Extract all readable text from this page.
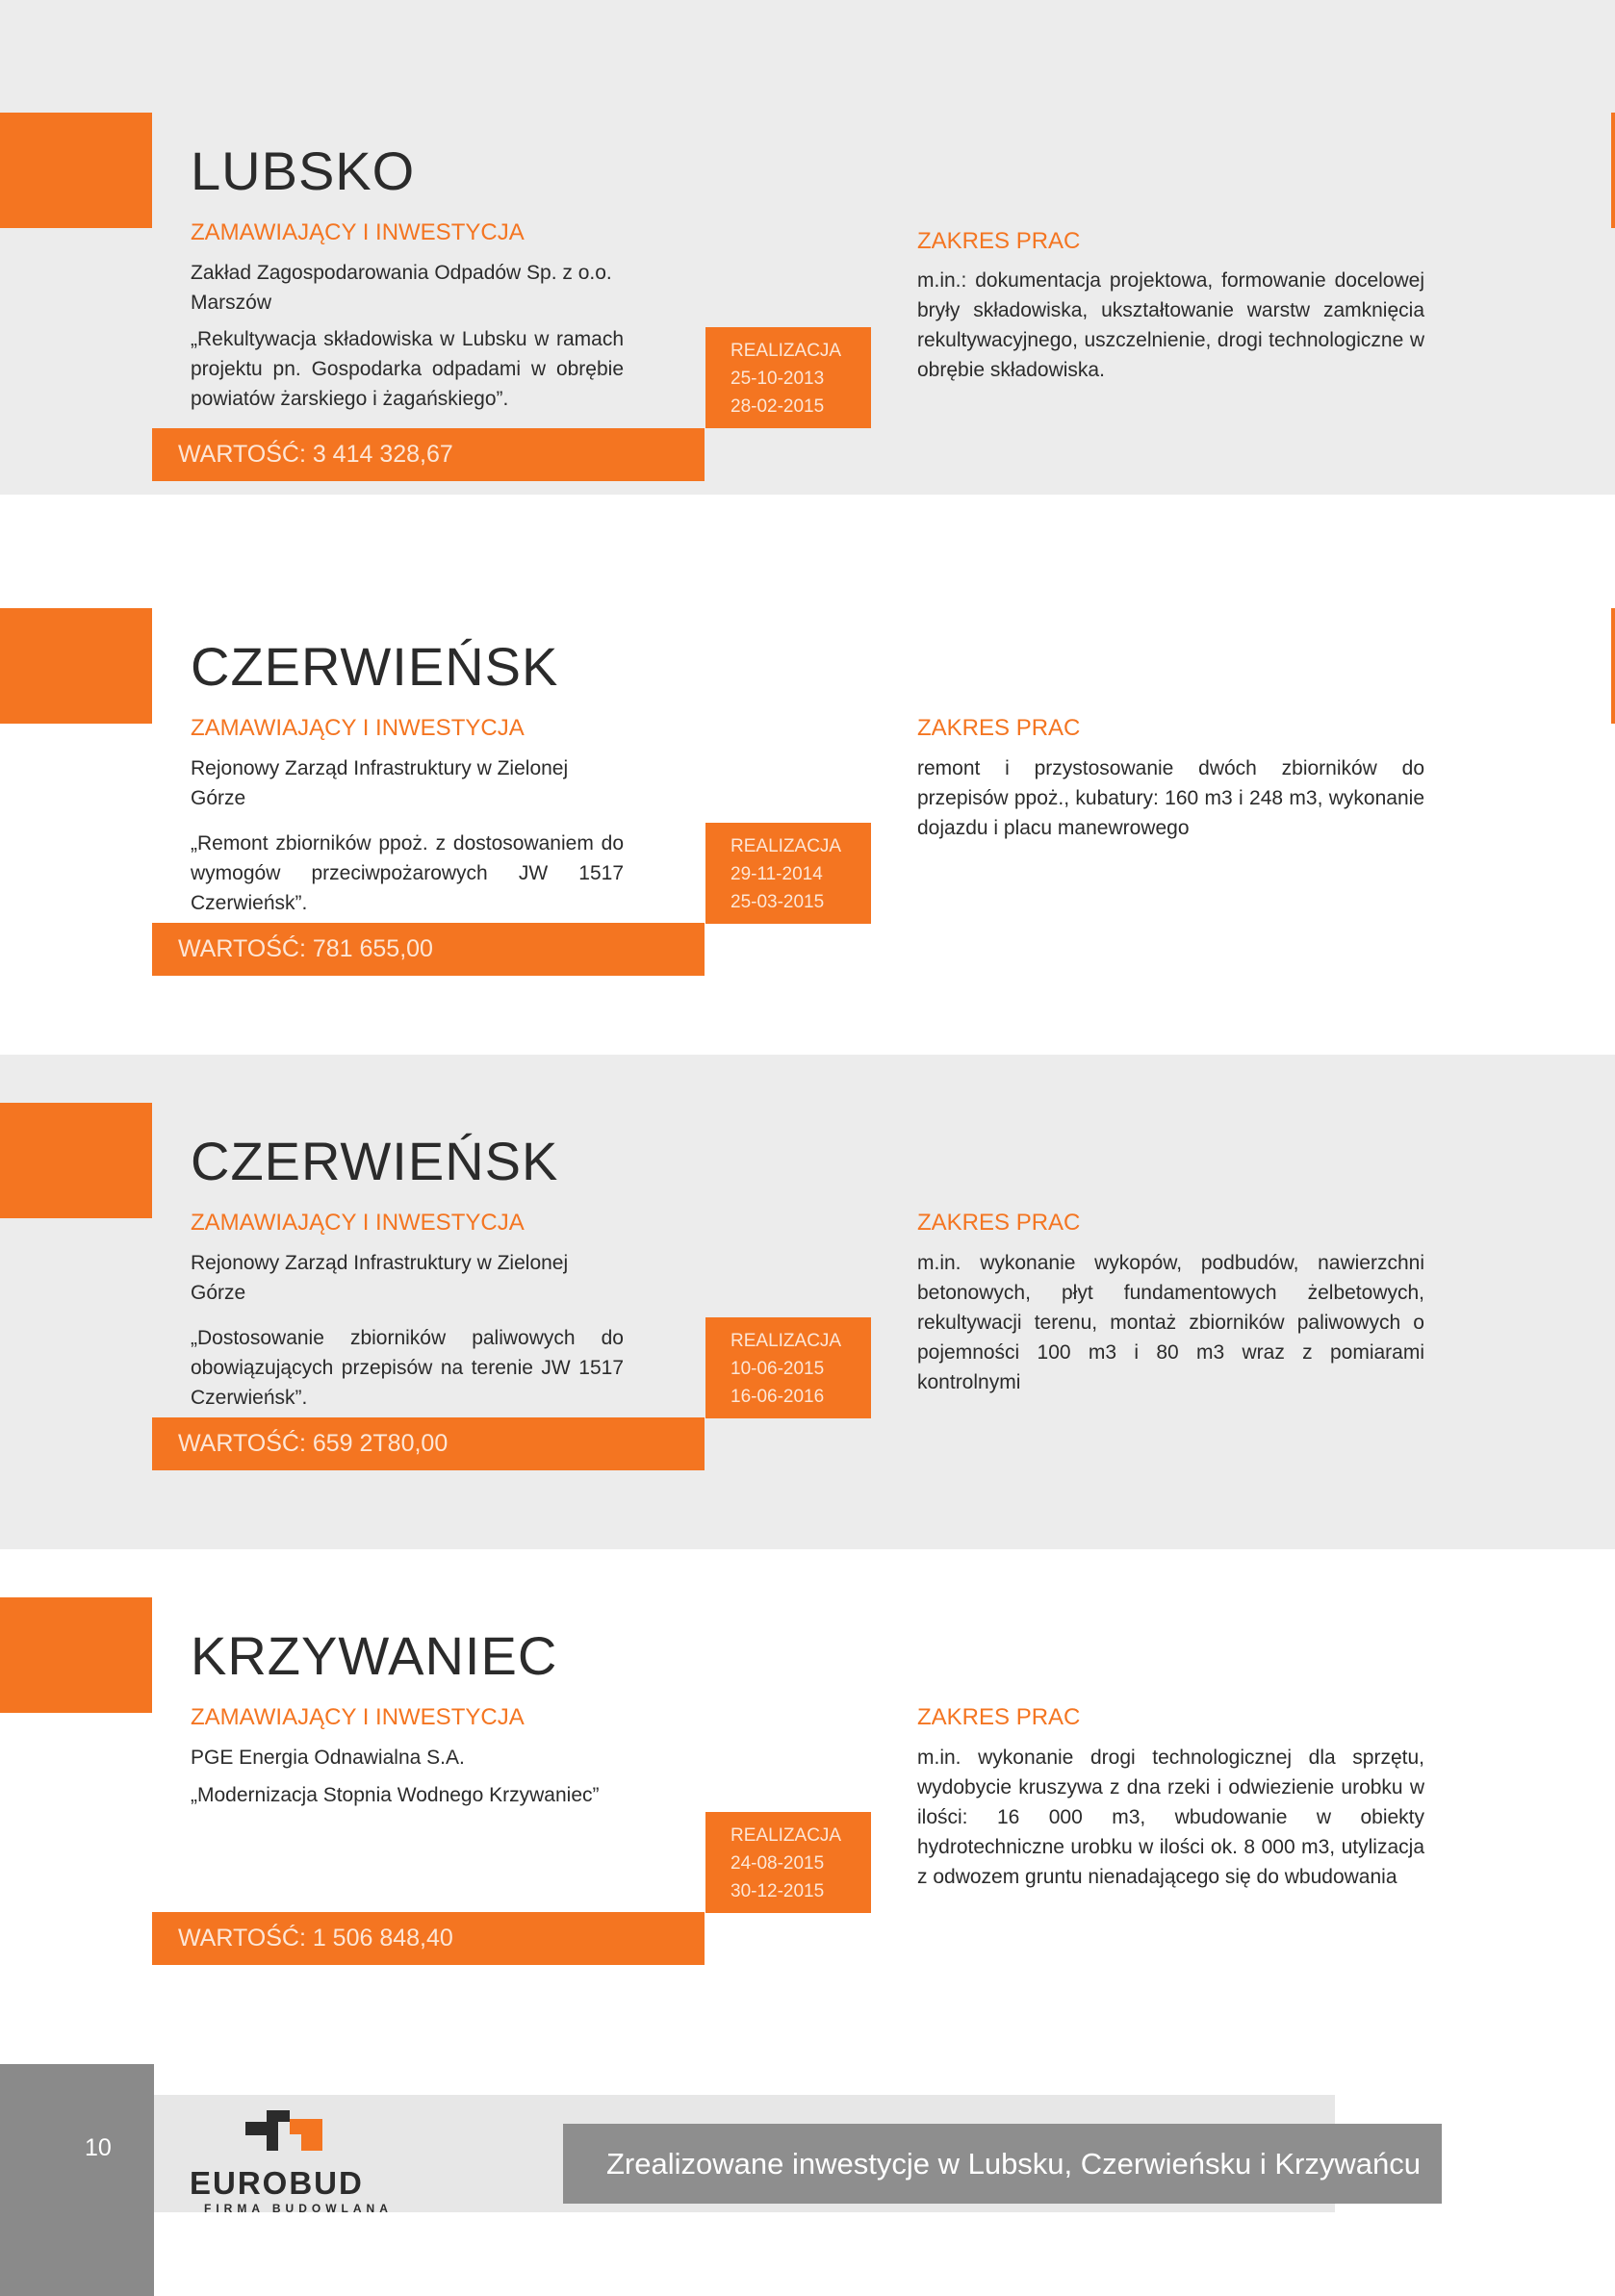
LUBSKO
ZAMAWIAJĄCY I INWESTYCJA
Zakład Zagospodarowania Odpadów Sp. z o.o. Marszów
„Rekultywacja składowiska w Lubsku w ramach projektu pn. Gospodarka odpadami w obrębie powiatów żarskiego i żagańskiego”.
REALIZACJA
25-10-2013
28-02-2015
ZAKRES PRAC
m.in.: dokumentacja projektowa, formowanie docelowej bryły składowiska, ukształtowanie warstw zamknięcia rekultywacyjnego, uszczelnienie, drogi technologiczne w obrębie składowiska.
WARTOŚĆ: 3 414 328,67
CZERWIEŃSK
ZAMAWIAJĄCY I INWESTYCJA
Rejonowy Zarząd Infrastruktury w Zielonej Górze
„Remont zbiorników ppoż. z dostosowaniem do wymogów przeciwpożarowych JW 1517 Czerwieńsk”.
REALIZACJA
29-11-2014
25-03-2015
ZAKRES PRAC
remont i przystosowanie dwóch zbiorników do przepisów ppoż., kubatury: 160 m3 i 248 m3, wykonanie dojazdu i placu manewrowego
WARTOŚĆ: 781 655,00
CZERWIEŃSK
ZAMAWIAJĄCY I INWESTYCJA
Rejonowy Zarząd Infrastruktury w Zielonej Górze
„Dostosowanie zbiorników paliwowych do obowiązujących przepisów na terenie JW 1517 Czerwieńsk”.
REALIZACJA
10-06-2015
16-06-2016
ZAKRES PRAC
m.in. wykonanie wykopów, podbudów, nawierzchni betonowych, płyt fundamentowych żelbetowych, rekultywacji terenu, montaż zbiorników paliwowych o pojemności 100 m3 i 80 m3 wraz z pomiarami kontrolnymi
WARTOŚĆ: 659 2T80,00
KRZYWANIEC
ZAMAWIAJĄCY I INWESTYCJA
PGE Energia Odnawialna S.A.
„Modernizacja Stopnia Wodnego Krzywaniec”
REALIZACJA
24-08-2015
30-12-2015
ZAKRES PRAC
m.in. wykonanie drogi technologicznej dla sprzętu, wydobycie kruszywa z dna rzeki i odwiezienie urobku w ilości: 16 000 m3, wbudowanie w obiekty hydrotechniczne urobku w ilości ok. 8 000 m3, utylizacja z odwozem gruntu nienadającego się do wbudowania
WARTOŚĆ: 1 506 848,40
10
EUROBUD
FIRMA BUDOWLANA
Zrealizowane inwestycje w Lubsku, Czerwieńsku i Krzywańcu
